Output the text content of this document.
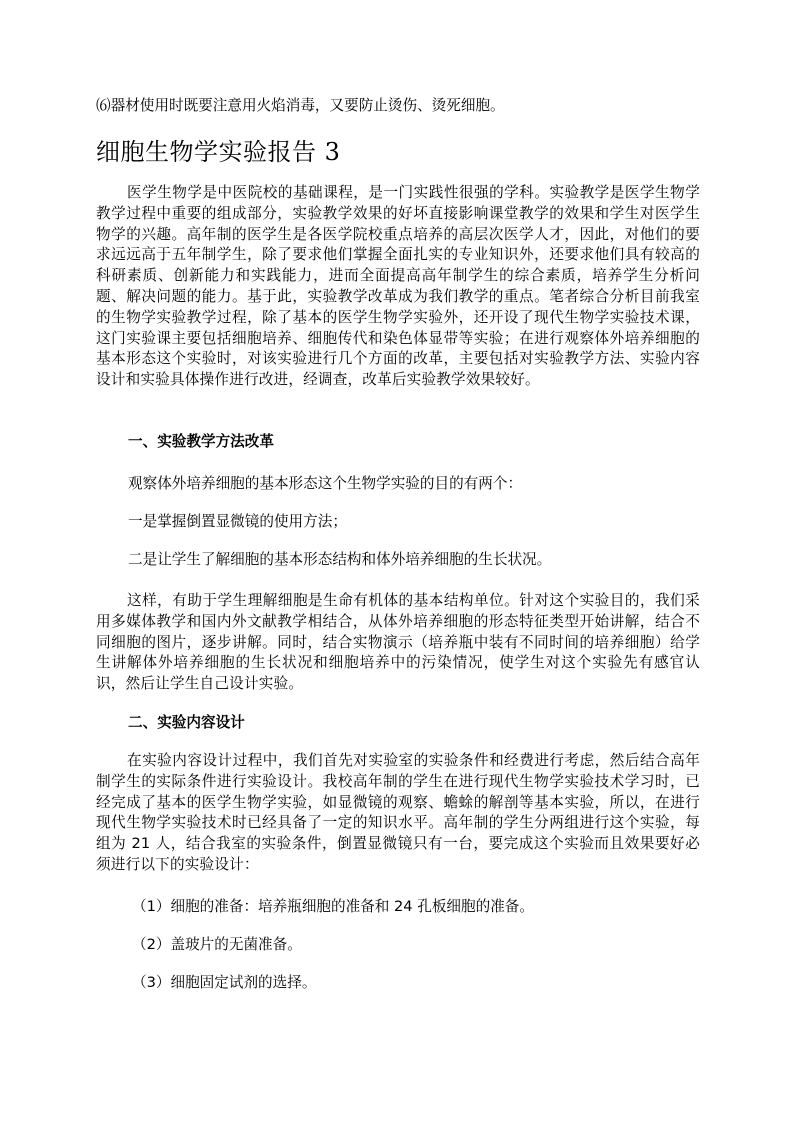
⑹器材使用时既要注意用火焰消毒，又要防止烫伤、烫死细胞。

细胞生物学实验报告 3

医学生物学是中医院校的基础课程，是一门实践性很强的学科。实验教学是医学生物学教学过程中重要的组成部分，实验教学效果的好坏直接影响课堂教学的效果和学生对医学生物学的兴趣。高年制的医学生是各医学院校重点培养的高层次医学人才，因此，对他们的要求远远高于五年制学生，除了要求他们掌握全面扎实的专业知识外，还要求他们具有较高的科研素质、创新能力和实践能力，进而全面提高高年制学生的综合素质，培养学生分析问题、解决问题的能力。基于此，实验教学改革成为我们教学的重点。笔者综合分析目前我室的生物学实验教学过程，除了基本的医学生物学实验外，还开设了现代生物学实验技术课，这门实验课主要包括细胞培养、细胞传代和染色体显带等实验；在进行观察体外培养细胞的基本形态这个实验时，对该实验进行几个方面的改革，主要包括对实验教学方法、实验内容设计和实验具体操作进行改进，经调查，改革后实验教学效果较好。

一、实验教学方法改革

观察体外培养细胞的基本形态这个生物学实验的目的有两个：

一是掌握倒置显微镜的使用方法；

二是让学生了解细胞的基本形态结构和体外培养细胞的生长状况。

这样，有助于学生理解细胞是生命有机体的基本结构单位。针对这个实验目的，我们采用多媒体教学和国内外文献教学相结合，从体外培养细胞的形态特征类型开始讲解，结合不同细胞的图片，逐步讲解。同时，结合实物演示（培养瓶中装有不同时间的培养细胞）给学生讲解体外培养细胞的生长状况和细胞培养中的污染情况，使学生对这个实验先有感官认识，然后让学生自己设计实验。

二、实验内容设计

在实验内容设计过程中，我们首先对实验室的实验条件和经费进行考虑，然后结合高年制学生的实际条件进行实验设计。我校高年制的学生在进行现代生物学实验技术学习时，已经完成了基本的医学生物学实验，如显微镜的观察、蟾蜍的解剖等基本实验，所以，在进行现代生物学实验技术时已经具备了一定的知识水平。高年制的学生分两组进行这个实验，每组为 21 人，结合我室的实验条件，倒置显微镜只有一台，要完成这个实验而且效果要好必须进行以下的实验设计：

（1）细胞的准备：培养瓶细胞的准备和 24 孔板细胞的准备。

（2）盖玻片的无菌准备。

（3）细胞固定试剂的选择。
